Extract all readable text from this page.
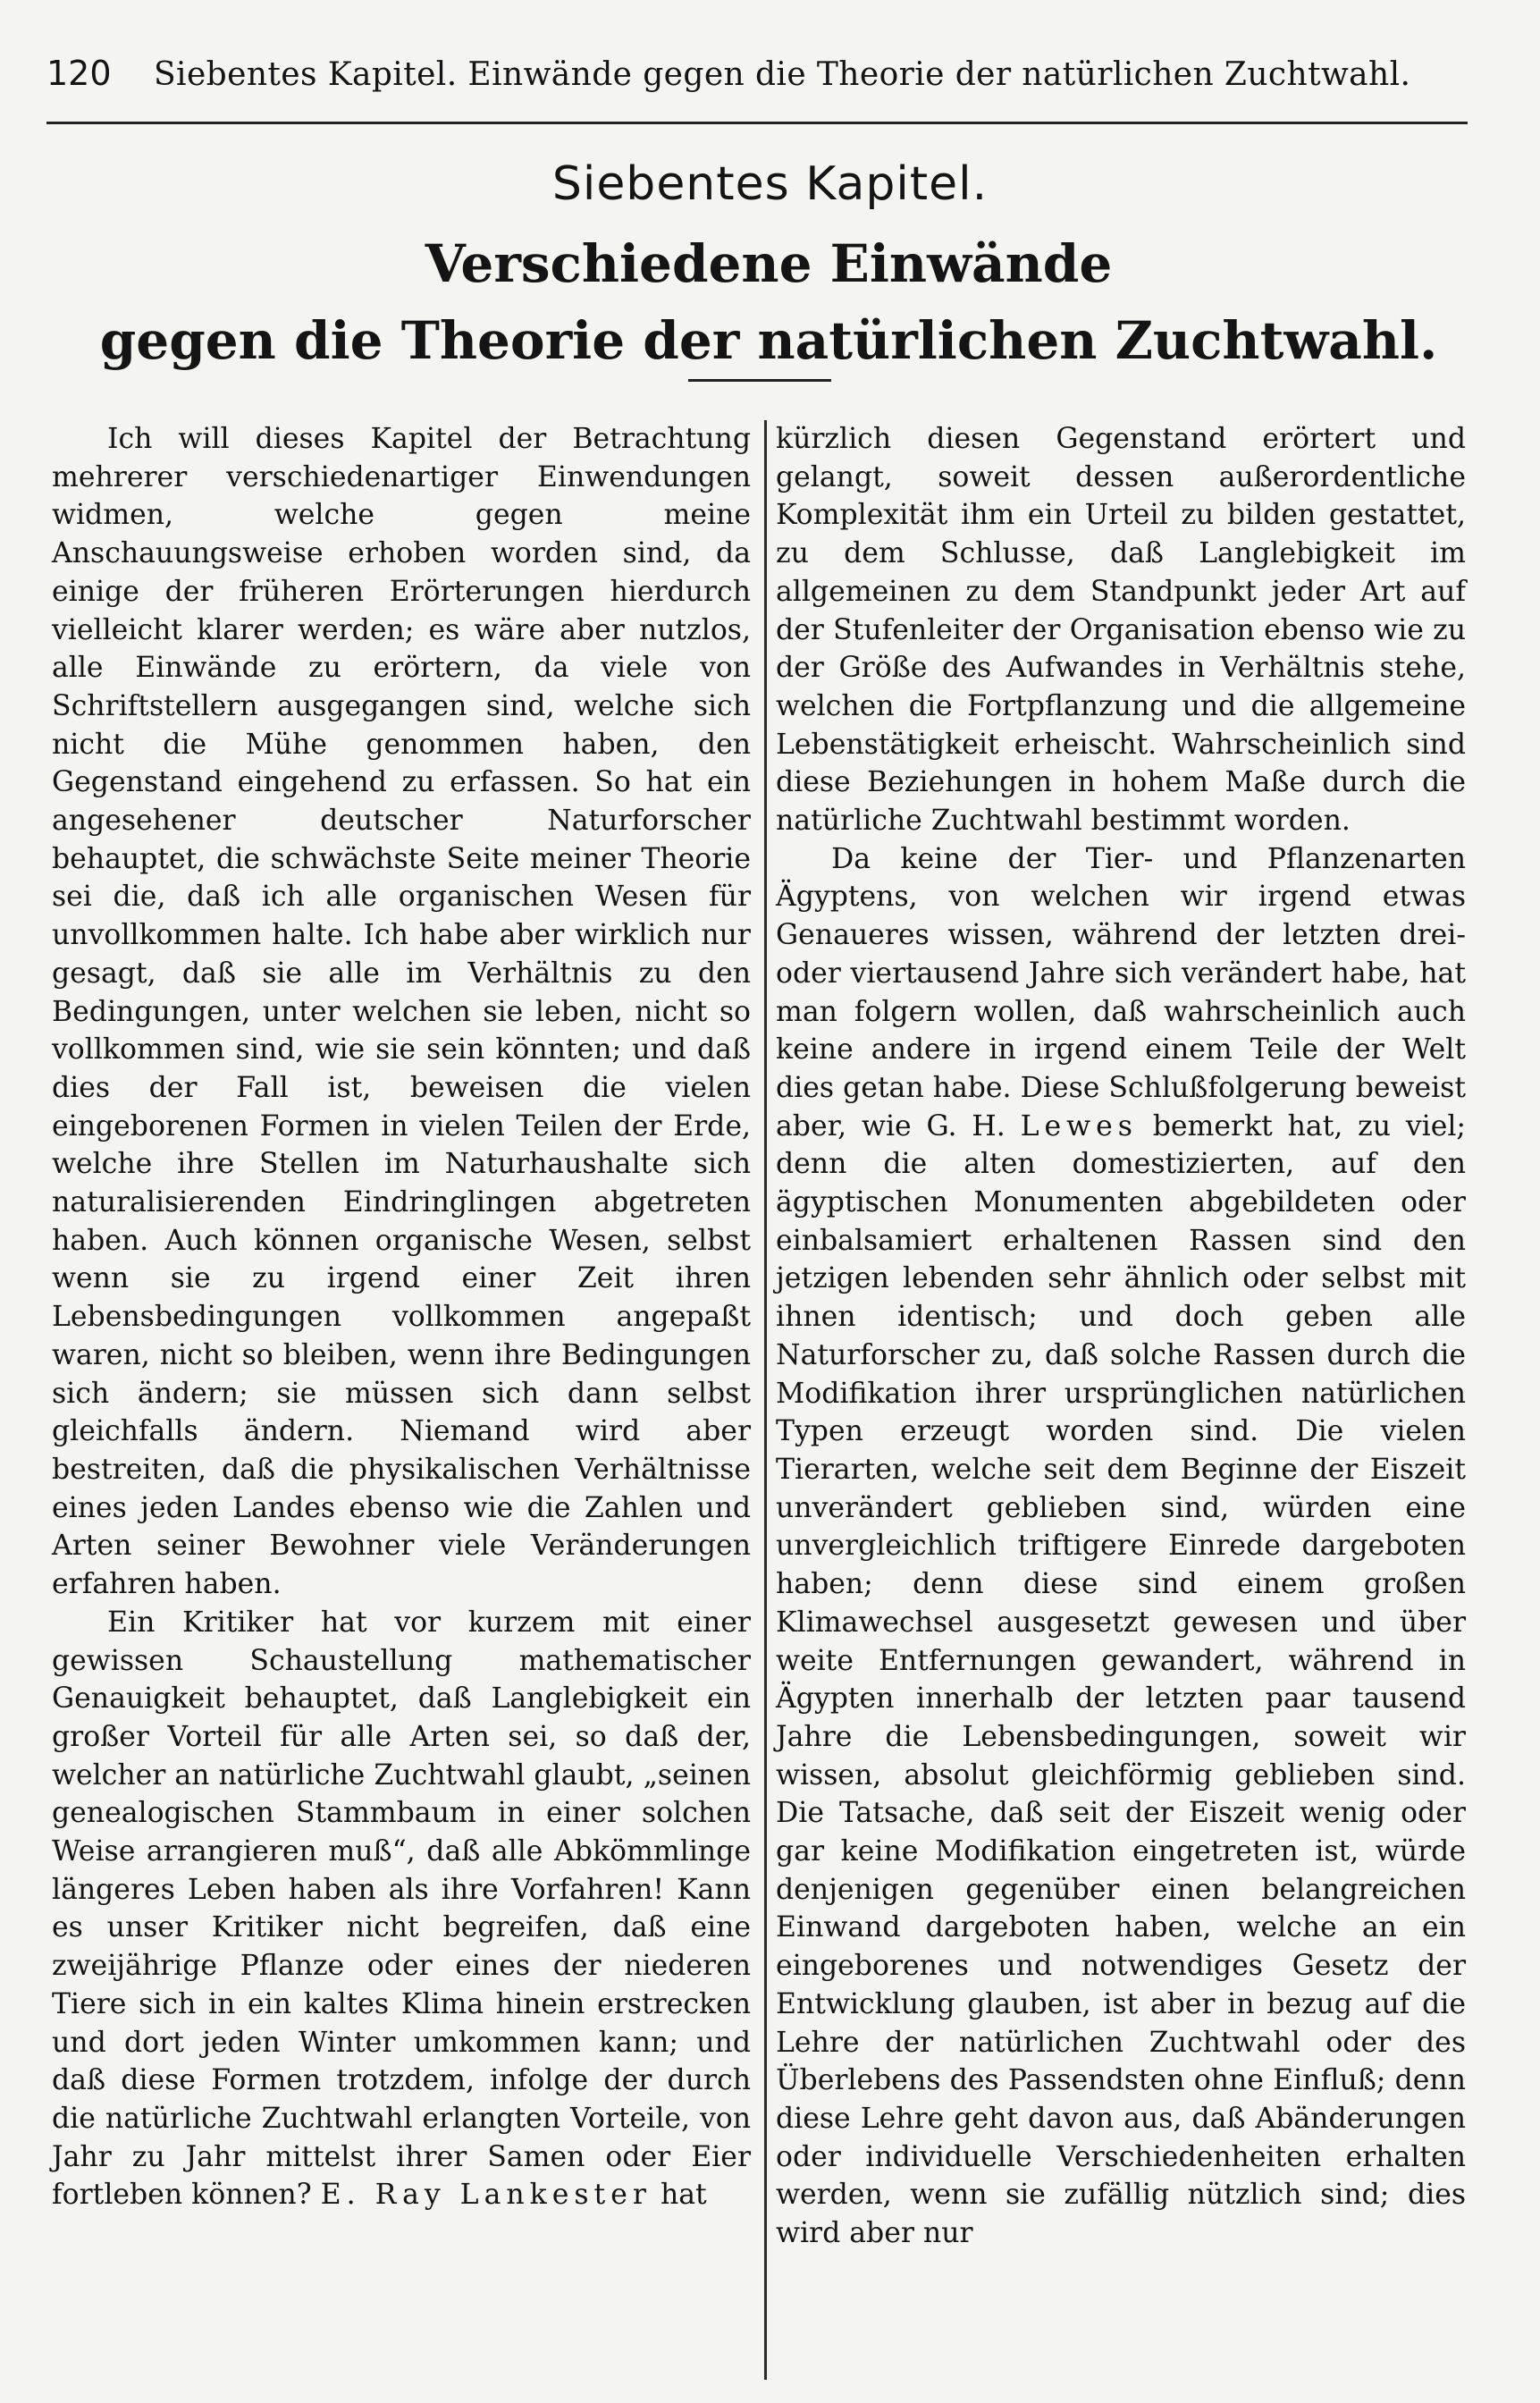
120 Siebentes Kapitel. Einwände gegen die Theorie der natürlichen Zuchtwahl.
Siebentes Kapitel.
Verschiedene Einwände
gegen die Theorie der natürlichen Zuchtwahl.

Ich will dieses Kapitel der Betrachtung mehrerer verschiedenartiger Einwendungen widmen, welche gegen meine Anschauungsweise erhoben worden sind, da einige der früheren Erörterungen hierdurch vielleicht klarer werden; es wäre aber nutzlos, alle Einwände zu erörtern, da viele von Schriftstellern ausgegangen sind, welche sich nicht die Mühe genommen haben, den Gegenstand eingehend zu erfassen. So hat ein angesehener deutscher Naturforscher behauptet, die schwächste Seite meiner Theorie sei die, daß ich alle organischen Wesen für unvollkommen halte. Ich habe aber wirklich nur gesagt, daß sie alle im Verhältnis zu den Bedingungen, unter welchen sie leben, nicht so vollkommen sind, wie sie sein könnten; und daß dies der Fall ist, beweisen die vielen eingeborenen Formen in vielen Teilen der Erde, welche ihre Stellen im Naturhaushalte sich naturalisierenden Eindringlingen abgetreten haben. Auch können organische Wesen, selbst wenn sie zu irgend einer Zeit ihren Lebensbedingungen vollkommen angepaßt waren, nicht so bleiben, wenn ihre Bedingungen sich ändern; sie müssen sich dann selbst gleichfalls ändern. Niemand wird aber bestreiten, daß die physikalischen Verhältnisse eines jeden Landes ebenso wie die Zahlen und Arten seiner Bewohner viele Veränderungen erfahren haben.

Ein Kritiker hat vor kurzem mit einer gewissen Schaustellung mathematischer Genauigkeit behauptet, daß Langlebigkeit ein großer Vorteil für alle Arten sei, so daß der, welcher an natürliche Zuchtwahl glaubt, „seinen genealogischen Stammbaum in einer solchen Weise arrangieren muß“, daß alle Abkömmlinge längeres Leben haben als ihre Vorfahren! Kann es unser Kritiker nicht begreifen, daß eine zweijährige Pflanze oder eines der niederen Tiere sich in ein kaltes Klima hinein erstrecken und dort jeden Winter umkommen kann; und daß diese Formen trotzdem, infolge der durch die natürliche Zuchtwahl erlangten Vorteile, von Jahr zu Jahr mittelst ihrer Samen oder Eier fortleben können? E. Ray Lankester hat

kürzlich diesen Gegenstand erörtert und gelangt, soweit dessen außerordentliche Komplexität ihm ein Urteil zu bilden gestattet, zu dem Schlusse, daß Langlebigkeit im allgemeinen zu dem Standpunkt jeder Art auf der Stufenleiter der Organisation ebenso wie zu der Größe des Aufwandes in Verhältnis stehe, welchen die Fortpflanzung und die allgemeine Lebenstätigkeit erheischt. Wahrscheinlich sind diese Beziehungen in hohem Maße durch die natürliche Zuchtwahl bestimmt worden.

Da keine der Tier- und Pflanzenarten Ägyptens, von welchen wir irgend etwas Genaueres wissen, während der letzten drei- oder viertausend Jahre sich verändert habe, hat man folgern wollen, daß wahrscheinlich auch keine andere in irgend einem Teile der Welt dies getan habe. Diese Schlußfolgerung beweist aber, wie G. H. Lewes bemerkt hat, zu viel; denn die alten domestizierten, auf den ägyptischen Monumenten abgebildeten oder einbalsamiert erhaltenen Rassen sind den jetzigen lebenden sehr ähnlich oder selbst mit ihnen identisch; und doch geben alle Naturforscher zu, daß solche Rassen durch die Modifikation ihrer ursprünglichen natürlichen Typen erzeugt worden sind. Die vielen Tierarten, welche seit dem Beginne der Eiszeit unverändert geblieben sind, würden eine unvergleichlich triftigere Einrede dargeboten haben; denn diese sind einem großen Klimawechsel ausgesetzt gewesen und über weite Entfernungen gewandert, während in Ägypten innerhalb der letzten paar tausend Jahre die Lebensbedingungen, soweit wir wissen, absolut gleichförmig geblieben sind. Die Tatsache, daß seit der Eiszeit wenig oder gar keine Modifikation eingetreten ist, würde denjenigen gegenüber einen belangreichen Einwand dargeboten haben, welche an ein eingeborenes und notwendiges Gesetz der Entwicklung glauben, ist aber in bezug auf die Lehre der natürlichen Zuchtwahl oder des Überlebens des Passendsten ohne Einfluß; denn diese Lehre geht davon aus, daß Abänderungen oder individuelle Verschiedenheiten erhalten werden, wenn sie zufällig nützlich sind; dies wird aber nur
